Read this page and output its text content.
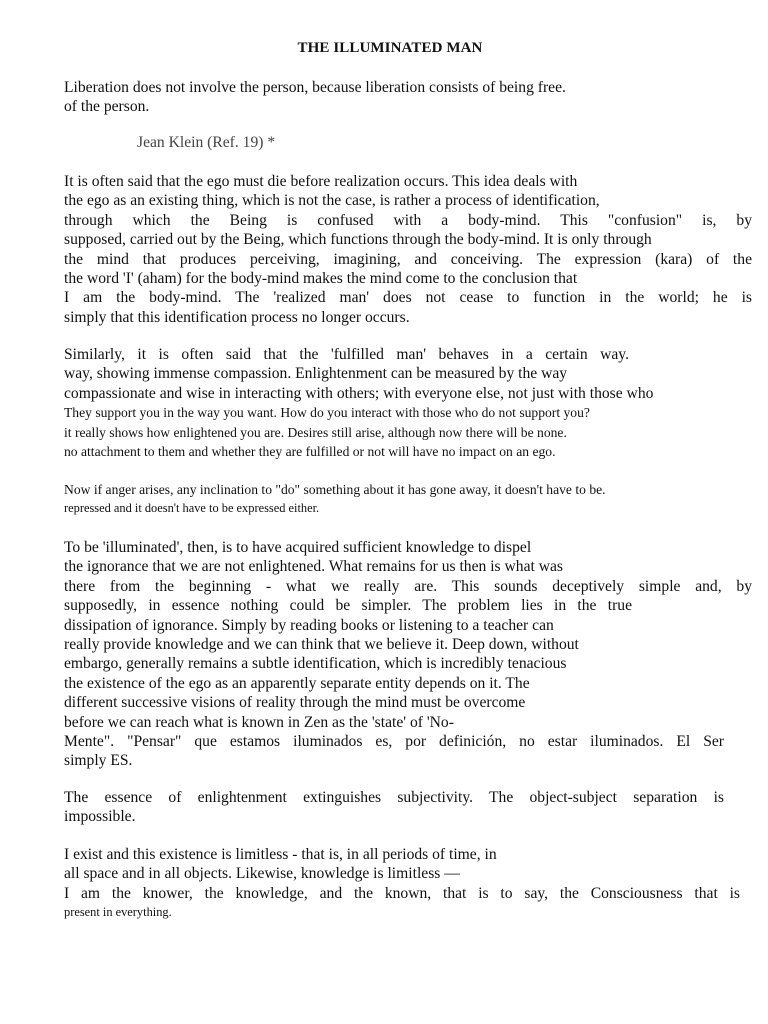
THE ILLUMINATED MAN
Liberation does not involve the person, because liberation consists of being free.
of the person.
Jean Klein (Ref. 19) *
It is often said that the ego must die before realization occurs. This idea deals with
the ego as an existing thing, which is not the case, is rather a process of identification,
through which the Being is confused with a body-mind. This "confusion" is, by
supposed, carried out by the Being, which functions through the body-mind. It is only through
the mind that produces perceiving, imagining, and conceiving. The expression (kara) of the
the word 'I' (aham) for the body-mind makes the mind come to the conclusion that
I am the body-mind. The 'realized man' does not cease to function in the world; he is
simply that this identification process no longer occurs.
Similarly, it is often said that the 'fulfilled man' behaves in a certain way.
way, showing immense compassion. Enlightenment can be measured by the way
compassionate and wise in interacting with others; with everyone else, not just with those who
They support you in the way you want. How do you interact with those who do not support you?
it really shows how enlightened you are. Desires still arise, although now there will be none.
no attachment to them and whether they are fulfilled or not will have no impact on an ego.
Now if anger arises, any inclination to "do" something about it has gone away, it doesn't have to be.
repressed and it doesn't have to be expressed either.
To be 'illuminated', then, is to have acquired sufficient knowledge to dispel
the ignorance that we are not enlightened. What remains for us then is what was
there from the beginning - what we really are. This sounds deceptively simple and, by
supposedly, in essence nothing could be simpler. The problem lies in the true
dissipation of ignorance. Simply by reading books or listening to a teacher can
really provide knowledge and we can think that we believe it. Deep down, without
embargo, generally remains a subtle identification, which is incredibly tenacious
the existence of the ego as an apparently separate entity depends on it. The
different successive visions of reality through the mind must be overcome
before we can reach what is known in Zen as the 'state' of 'No-
Mente". "Pensar" que estamos iluminados es, por definición, no estar iluminados. El Ser
simply ES.
The essence of enlightenment extinguishes subjectivity. The object-subject separation is
impossible.
I exist and this existence is limitless - that is, in all periods of time, in
all space and in all objects. Likewise, knowledge is limitless —
I am the knower, the knowledge, and the known, that is to say, the Consciousness that is
present in everything.
